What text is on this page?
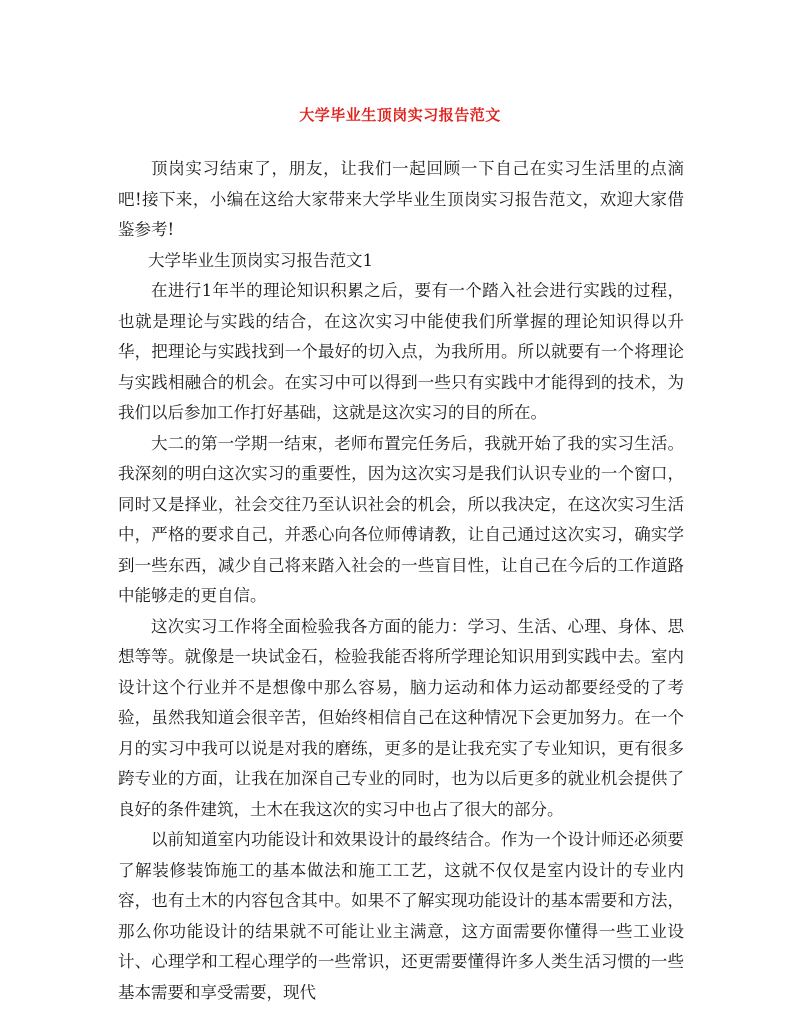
大学毕业生顶岗实习报告范文

顶岗实习结束了，朋友，让我们一起回顾一下自己在实习生活里的点滴吧!接下来，小编在这给大家带来大学毕业生顶岗实习报告范文，欢迎大家借鉴参考!

大学毕业生顶岗实习报告范文1

在进行1年半的理论知识积累之后，要有一个踏入社会进行实践的过程，也就是理论与实践的结合，在这次实习中能使我们所掌握的理论知识得以升华，把理论与实践找到一个最好的切入点，为我所用。所以就要有一个将理论与实践相融合的机会。在实习中可以得到一些只有实践中才能得到的技术，为我们以后参加工作打好基础，这就是这次实习的目的所在。

大二的第一学期一结束，老师布置完任务后，我就开始了我的实习生活。我深刻的明白这次实习的重要性，因为这次实习是我们认识专业的一个窗口，同时又是择业，社会交往乃至认识社会的机会，所以我决定，在这次实习生活中，严格的要求自己，并悉心向各位师傅请教，让自己通过这次实习，确实学到一些东西，减少自己将来踏入社会的一些盲目性，让自己在今后的工作道路中能够走的更自信。

这次实习工作将全面检验我各方面的能力：学习、生活、心理、身体、思想等等。就像是一块试金石，检验我能否将所学理论知识用到实践中去。室内设计这个行业并不是想像中那么容易，脑力运动和体力运动都要经受的了考验，虽然我知道会很辛苦，但始终相信自己在这种情况下会更加努力。在一个月的实习中我可以说是对我的磨练，更多的是让我充实了专业知识，更有很多跨专业的方面，让我在加深自己专业的同时，也为以后更多的就业机会提供了良好的条件建筑，土木在我这次的实习中也占了很大的部分。

以前知道室内功能设计和效果设计的最终结合。作为一个设计师还必须要了解装修装饰施工的基本做法和施工工艺，这就不仅仅是室内设计的专业内容，也有土木的内容包含其中。如果不了解实现功能设计的基本需要和方法，那么你功能设计的结果就不可能让业主满意，这方面需要你懂得一些工业设计、心理学和工程心理学的一些常识，还更需要懂得许多人类生活习惯的一些基本需要和享受需要，现代
